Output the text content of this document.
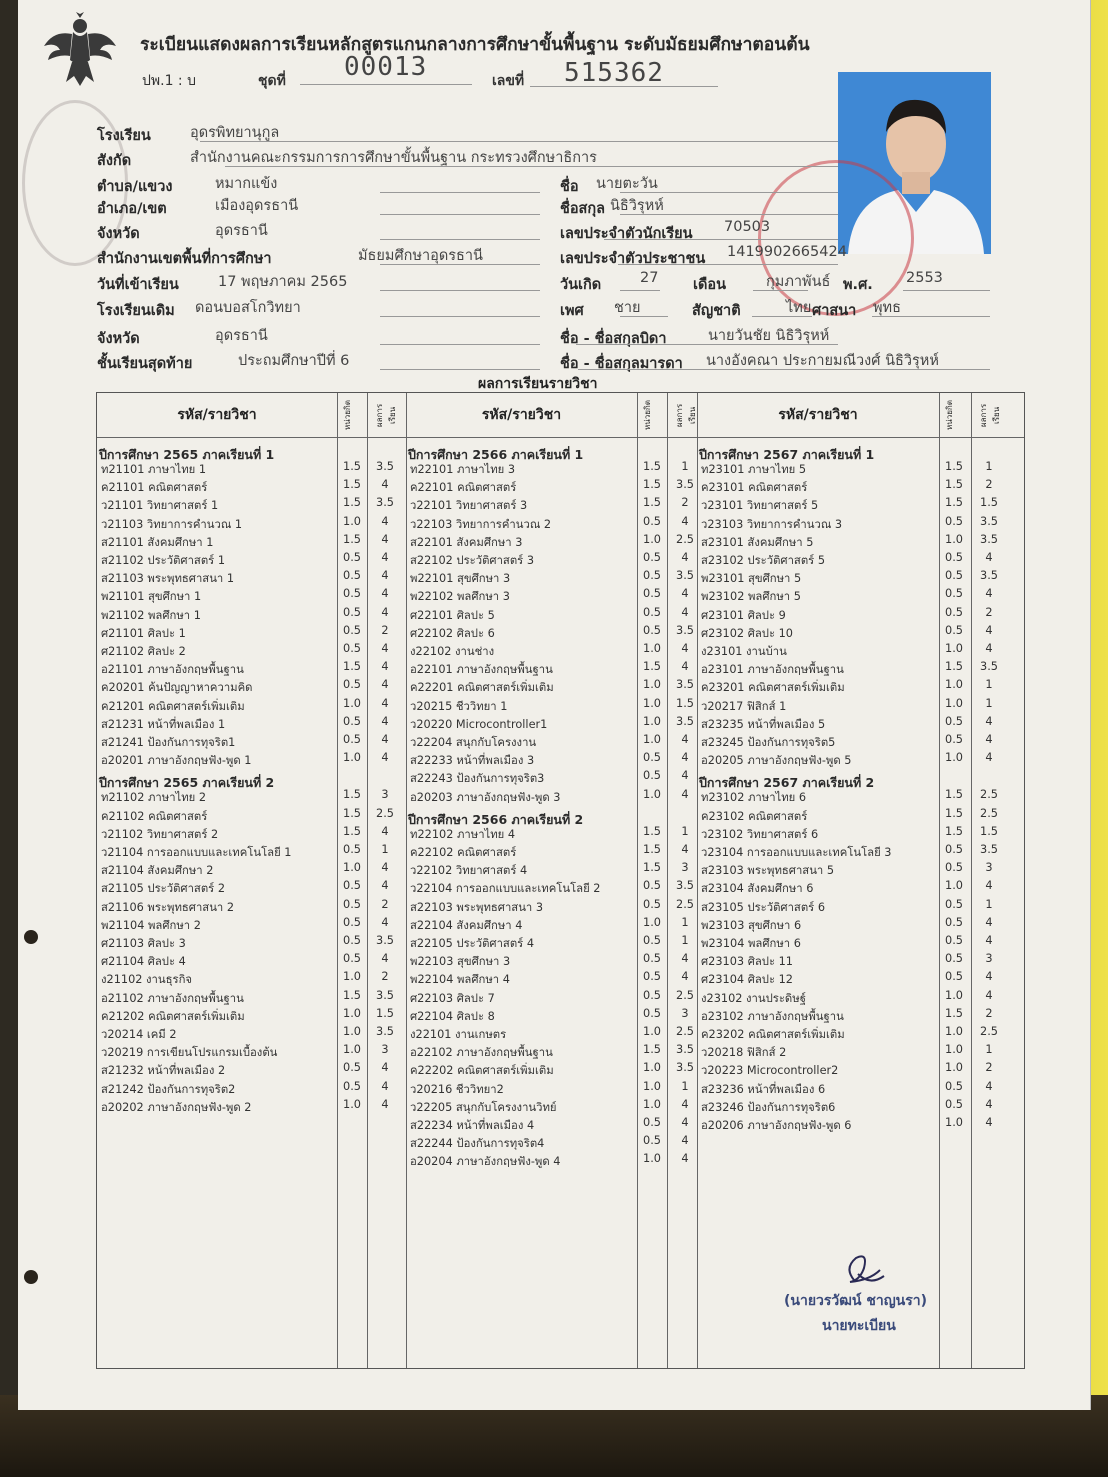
ระเบียนแสดงผลการเรียนหลักสูตรแกนกลางการศึกษาขั้นพื้นฐาน ระดับมัธยมศึกษาตอนต้น
ปพ.1 : บ	ชุดที่ 00013	เลขที่ 515362
โรงเรียน	อุดรพิทยานุกูล
สังกัด	สำนักงานคณะกรรมการการศึกษาขั้นพื้นฐาน กระทรวงศึกษาธิการ
ตำบล/แขวง	หมากแข้ง
อำเภอ/เขต	เมืองอุดรธานี
จังหวัด	อุดรธานี
สำนักงานเขตพื้นที่การศึกษา	มัธยมศึกษาอุดรธานี
วันที่เข้าเรียน	17 พฤษภาคม 2565
โรงเรียนเดิม ดอนบอสโกวิทยา
จังหวัด	อุดรธานี
ชั้นเรียนสุดท้าย	ประถมศึกษาปีที่ 6
ชื่อ นายตะวัน
ชื่อสกุล นิธิวิรุหห์
เลขประจำตัวนักเรียน 70503
เลขประจำตัวประชาชน 1419902665424
วันเกิด	27 เดือน	กุมภาพันธ์ พ.ศ. 2553
เพศ ชาย	สัญชาติ	ไทย ศาสนา พุทธ
ชื่อ - ชื่อสกุลบิดา	นายวันชัย นิธิวิรุหห์
ชื่อ - ชื่อสกุลมารดา นางอังคณา ประกายมณีวงศ์ นิธิวิรุหห์
ผลการเรียนรายวิชา
รหัส/รายวิชา	หน่วยกิต	ผลการเรียน	รหัส/รายวิชา	หน่วยกิต	ผลการเรียน	รหัส/รายวิชา	หน่วยกิต	ผลการเรียน
ปีการศึกษา 2565 ภาคเรียนที่ 1
ท21101 ภาษาไทย 1	1.5	3.5
ค21101 คณิตศาสตร์	1.5	4
ว21101 วิทยาศาสตร์ 1	1.5	3.5
ว21103 วิทยาการคำนวณ 1	1.0	4
ส21101 สังคมศึกษา 1	1.5	4
ส21102 ประวัติศาสตร์ 1	0.5	4
ส21103 พระพุทธศาสนา 1	0.5	4
พ21101 สุขศึกษา 1	0.5	4
พ21102 พลศึกษา 1	0.5	4
ศ21101 ศิลปะ 1	0.5	2
ศ21102 ศิลปะ 2	0.5	4
อ21101 ภาษาอังกฤษพื้นฐาน	1.5	4
ค20201 ค้นปัญญาหาความคิด	0.5	4
ค21201 คณิตศาสตร์เพิ่มเติม	1.0	4
ส21231 หน้าที่พลเมือง 1	0.5	4
ส21241 ป้องกันการทุจริต1	0.5	4
อ20201 ภาษาอังกฤษฟัง-พูด 1	1.0	4
ปีการศึกษา 2565 ภาคเรียนที่ 2
ท21102 ภาษาไทย 2	1.5	3
ค21102 คณิตศาสตร์	1.5	2.5
ว21102 วิทยาศาสตร์ 2	1.5	4
ว21104 การออกแบบและเทคโนโลยี 1	0.5	1
ส21104 สังคมศึกษา 2	1.0	4
ส21105 ประวัติศาสตร์ 2	0.5	4
ส21106 พระพุทธศาสนา 2	0.5	2
พ21104 พลศึกษา 2	0.5	4
ศ21103 ศิลปะ 3	0.5	3.5
ศ21104 ศิลปะ 4	0.5	4
ง21102 งานธุรกิจ	1.0	2
อ21102 ภาษาอังกฤษพื้นฐาน	1.5	3.5
ค21202 คณิตศาสตร์เพิ่มเติม	1.0	1.5
ว20214 เคมี 2	1.0	3.5
ว20219 การเขียนโปรแกรมเบื้องต้น	1.0	3
ส21232 หน้าที่พลเมือง 2	0.5	4
ส21242 ป้องกันการทุจริต2	0.5	4
อ20202 ภาษาอังกฤษฟัง-พูด 2	1.0	4
ปีการศึกษา 2566 ภาคเรียนที่ 1
ท22101 ภาษาไทย 3	1.5	1
ค22101 คณิตศาสตร์	1.5	3.5
ว22101 วิทยาศาสตร์ 3	1.5	2
ว22103 วิทยาการคำนวณ 2	0.5	4
ส22101 สังคมศึกษา 3	1.0	2.5
ส22102 ประวัติศาสตร์ 3	0.5	4
พ22101 สุขศึกษา 3	0.5	3.5
พ22102 พลศึกษา 3	0.5	4
ศ22101 ศิลปะ 5	0.5	4
ศ22102 ศิลปะ 6	0.5	3.5
ง22102 งานช่าง	1.0	4
อ22101 ภาษาอังกฤษพื้นฐาน	1.5	4
ค22201 คณิตศาสตร์เพิ่มเติม	1.0	3.5
ว20215 ชีววิทยา 1	1.0	1.5
ว20220 Microcontroller1	1.0	3.5
ว22204 สนุกกับโครงงาน	1.0	4
ส22233 หน้าที่พลเมือง 3	0.5	4
ส22243 ป้องกันการทุจริต3	0.5	4
อ20203 ภาษาอังกฤษฟัง-พูด 3	1.0	4
ปีการศึกษา 2566 ภาคเรียนที่ 2
ท22102 ภาษาไทย 4	1.5	1
ค22102 คณิตศาสตร์	1.5	4
ว22102 วิทยาศาสตร์ 4	1.5	3
ว22104 การออกแบบและเทคโนโลยี 2	0.5	3.5
ส22103 พระพุทธศาสนา 3	0.5	2.5
ส22104 สังคมศึกษา 4	1.0	1
ส22105 ประวัติศาสตร์ 4	0.5	1
พ22103 สุขศึกษา 3	0.5	4
พ22104 พลศึกษา 4	0.5	4
ศ22103 ศิลปะ 7	0.5	2.5
ศ22104 ศิลปะ 8	0.5	3
ง22101 งานเกษตร	1.0	2.5
อ22102 ภาษาอังกฤษพื้นฐาน	1.5	3.5
ค22202 คณิตศาสตร์เพิ่มเติม	1.0	3.5
ว20216 ชีววิทยา2	1.0	1
ว22205 สนุกกับโครงงานวิทย์	1.0	4
ส22234 หน้าที่พลเมือง 4	0.5	4
ส22244 ป้องกันการทุจริต4	0.5	4
อ20204 ภาษาอังกฤษฟัง-พูด 4	1.0	4
ปีการศึกษา 2567 ภาคเรียนที่ 1
ท23101 ภาษาไทย 5	1.5	1
ค23101 คณิตศาสตร์	1.5	2
ว23101 วิทยาศาสตร์ 5	1.5	1.5
ว23103 วิทยาการคำนวณ 3	0.5	3.5
ส23101 สังคมศึกษา 5	1.0	3.5
ส23102 ประวัติศาสตร์ 5	0.5	4
พ23101 สุขศึกษา 5	0.5	3.5
พ23102 พลศึกษา 5	0.5	4
ศ23101 ศิลปะ 9	0.5	2
ศ23102 ศิลปะ 10	0.5	4
ง23101 งานบ้าน	1.0	4
อ23101 ภาษาอังกฤษพื้นฐาน	1.5	3.5
ค23201 คณิตศาสตร์เพิ่มเติม	1.0	1
ว20217 ฟิสิกส์ 1	1.0	1
ส23235 หน้าที่พลเมือง 5	0.5	4
ส23245 ป้องกันการทุจริต5	0.5	4
อ20205 ภาษาอังกฤษฟัง-พูด 5	1.0	4
ปีการศึกษา 2567 ภาคเรียนที่ 2
ท23102 ภาษาไทย 6	1.5	2.5
ค23102 คณิตศาสตร์	1.5	2.5
ว23102 วิทยาศาสตร์ 6	1.5	1.5
ว23104 การออกแบบและเทคโนโลยี 3	0.5	3.5
ส23103 พระพุทธศาสนา 5	0.5	3
ส23104 สังคมศึกษา 6	1.0	4
ส23105 ประวัติศาสตร์ 6	0.5	1
พ23103 สุขศึกษา 6	0.5	4
พ23104 พลศึกษา 6	0.5	4
ศ23103 ศิลปะ 11	0.5	3
ศ23104 ศิลปะ 12	0.5	4
ง23102 งานประดิษฐ์	1.0	4
อ23102 ภาษาอังกฤษพื้นฐาน	1.5	2
ค23202 คณิตศาสตร์เพิ่มเติม	1.0	2.5
ว20218 ฟิสิกส์ 2	1.0	1
ว20223 Microcontroller2	1.0	2
ส23236 หน้าที่พลเมือง 6	0.5	4
ส23246 ป้องกันการทุจริต6	0.5	4
อ20206 ภาษาอังกฤษฟัง-พูด 6	1.0	4
(นายวรวัฒน์ ชาญนรา)
นายทะเบียน
